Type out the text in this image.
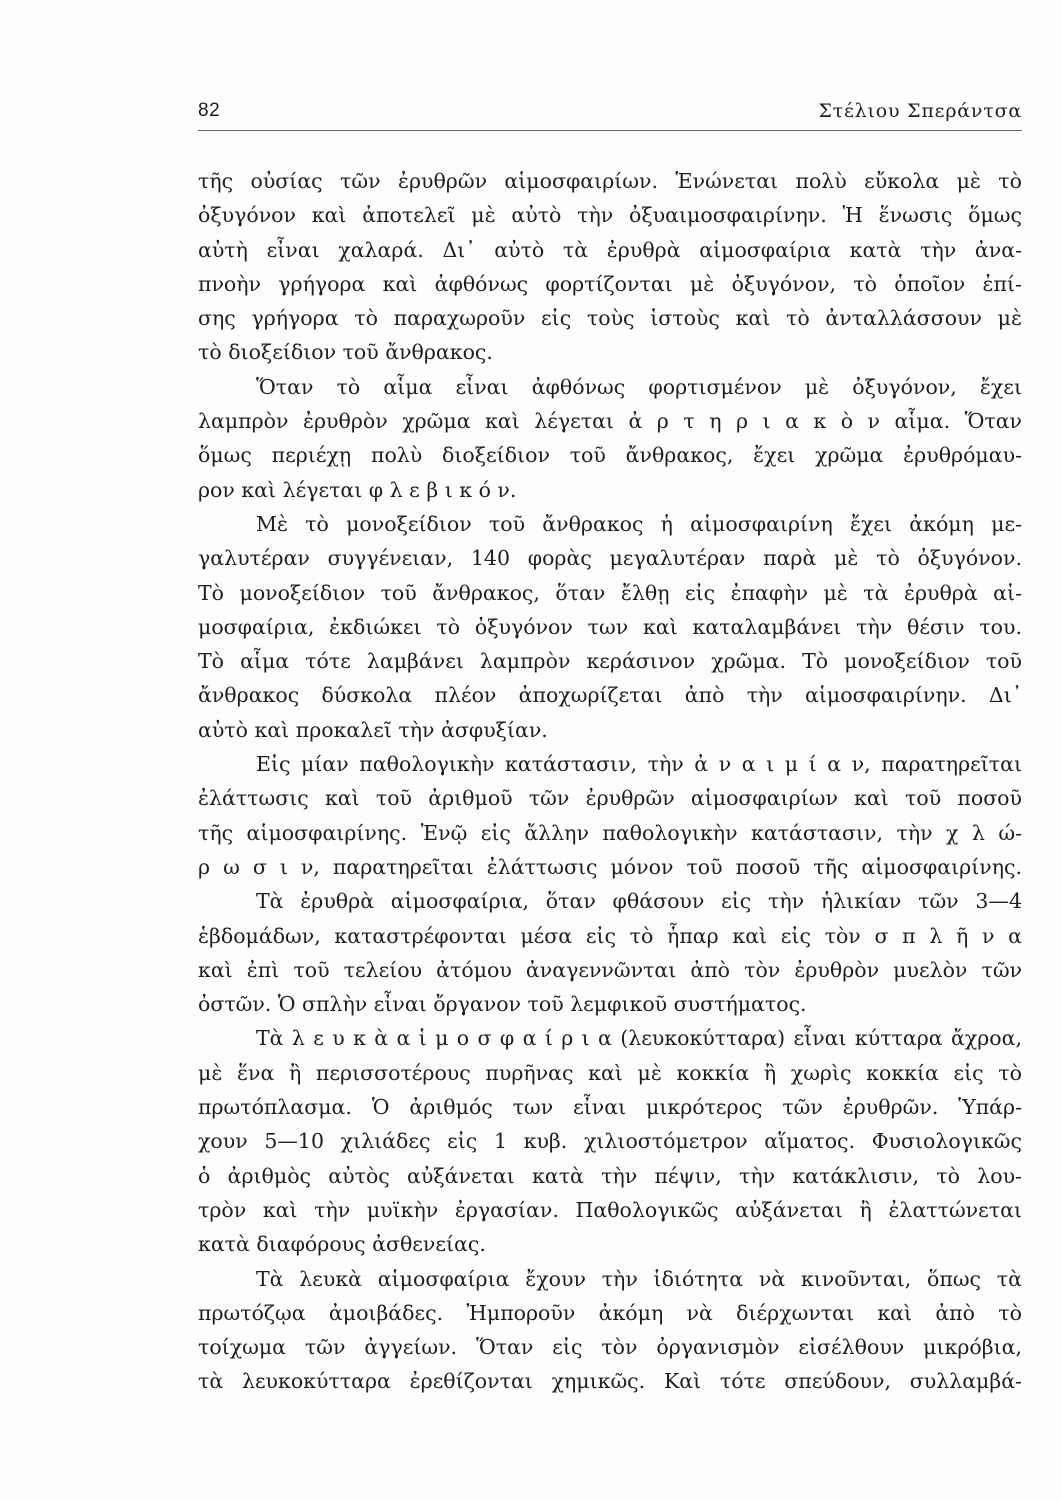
82	Στέλιου Σπεράντσα
τῆς οὐσίας τῶν ἐρυθρῶν αἱμοσφαιρίων. Ἑνώνεται πολὺ εὔκολα μὲ τὸ
ὀξυγόνον καὶ ἀποτελεῖ μὲ αὐτὸ τὴν ὀξυαιμοσφαιρίνην. Ἡ ἕνωσις ὅμως
αὐτὴ εἶναι χαλαρά. Δι᾽ αὐτὸ τὰ ἐρυθρὰ αἱμοσφαίρια κατὰ τὴν ἀνα-
πνοὴν γρήγορα καὶ ἀφθόνως φορτίζονται μὲ ὀξυγόνον, τὸ ὁποῖον ἐπί-
σης γρήγορα τὸ παραχωροῦν εἰς τοὺς ἱστοὺς καὶ τὸ ἀνταλλάσσουν μὲ
τὸ διοξείδιον τοῦ ἄνθρακος.
Ὅταν τὸ αἷμα εἶναι ἀφθόνως φορτισμένον μὲ ὀξυγόνον, ἔχει
λαμπρὸν ἐρυθρὸν χρῶμα καὶ λέγεται ἀ ρ τ η ρ ι α κ ὸ ν αἷμα. Ὅταν
ὅμως περιέχῃ πολὺ διοξείδιον τοῦ ἄνθρακος, ἔχει χρῶμα ἐρυθρόμαυ-
ρον καὶ λέγεται φ λ ε β ι κ ό ν.
Μὲ τὸ μονοξείδιον τοῦ ἄνθρακος ἡ αἱμοσφαιρίνη ἔχει ἀκόμη με-
γαλυτέραν συγγένειαν, 140 φορὰς μεγαλυτέραν παρὰ μὲ τὸ ὀξυγόνον.
Τὸ μονοξείδιον τοῦ ἄνθρακος, ὅταν ἔλθῃ εἰς ἐπαφὴν μὲ τὰ ἐρυθρὰ αἱ-
μοσφαίρια, ἐκδιώκει τὸ ὀξυγόνον των καὶ καταλαμβάνει τὴν θέσιν του.
Τὸ αἷμα τότε λαμβάνει λαμπρὸν κεράσινον χρῶμα. Τὸ μονοξείδιον τοῦ
ἄνθρακος δύσκολα πλέον ἀποχωρίζεται ἀπὸ τὴν αἱμοσφαιρίνην. Δι᾽
αὐτὸ καὶ προκαλεῖ τὴν ἀσφυξίαν.
Εἰς μίαν παθολογικὴν κατάστασιν, τὴν ἀ ν α ι μ ί α ν, παρατηρεῖται
ἐλάττωσις καὶ τοῦ ἀριθμοῦ τῶν ἐρυθρῶν αἱμοσφαιρίων καὶ τοῦ ποσοῦ
τῆς αἱμοσφαιρίνης. Ἐνῷ εἰς ἄλλην παθολογικὴν κατάστασιν, τὴν χ λ ώ-
ρ ω σ ι ν, παρατηρεῖται ἐλάττωσις μόνον τοῦ ποσοῦ τῆς αἱμοσφαιρίνης.
Τὰ ἐρυθρὰ αἱμοσφαίρια, ὅταν φθάσουν εἰς τὴν ἡλικίαν τῶν 3—4
ἑβδομάδων, καταστρέφονται μέσα εἰς τὸ ἧπαρ καὶ εἰς τὸν σ π λ ῆ ν α
καὶ ἐπὶ τοῦ τελείου ἀτόμου ἀναγεννῶνται ἀπὸ τὸν ἐρυθρὸν μυελὸν τῶν
ὀστῶν. Ὁ σπλὴν εἶναι ὄργανον τοῦ λεμφικοῦ συστήματος.
Τὰ λ ε υ κ ὰ α ἱ μ ο σ φ α ί ρ ι α (λευκοκύτταρα) εἶναι κύτταρα ἄχροα,
μὲ ἕνα ἢ περισσοτέρους πυρῆνας καὶ μὲ κοκκία ἢ χωρὶς κοκκία εἰς τὸ
πρωτόπλασμα. Ὁ ἀριθμός των εἶναι μικρότερος τῶν ἐρυθρῶν. Ὑπάρ-
χουν 5—10 χιλιάδες εἰς 1 κυβ. χιλιοστόμετρον αἵματος. Φυσιολογικῶς
ὁ ἀριθμὸς αὐτὸς αὐξάνεται κατὰ τὴν πέψιν, τὴν κατάκλισιν, τὸ λου-
τρὸν καὶ τὴν μυϊκὴν ἐργασίαν. Παθολογικῶς αὐξάνεται ἢ ἐλαττώνεται
κατὰ διαφόρους ἀσθενείας.
Τὰ λευκὰ αἱμοσφαίρια ἔχουν τὴν ἰδιότητα νὰ κινοῦνται, ὅπως τὰ
πρωτόζῳα ἀμοιβάδες. Ἠμποροῦν ἀκόμη νὰ διέρχωνται καὶ ἀπὸ τὸ
τοίχωμα τῶν ἀγγείων. Ὅταν εἰς τὸν ὀργανισμὸν εἰσέλθουν μικρόβια,
τὰ λευκοκύτταρα ἐρεθίζονται χημικῶς. Καὶ τότε σπεύδουν, συλλαμβά-
